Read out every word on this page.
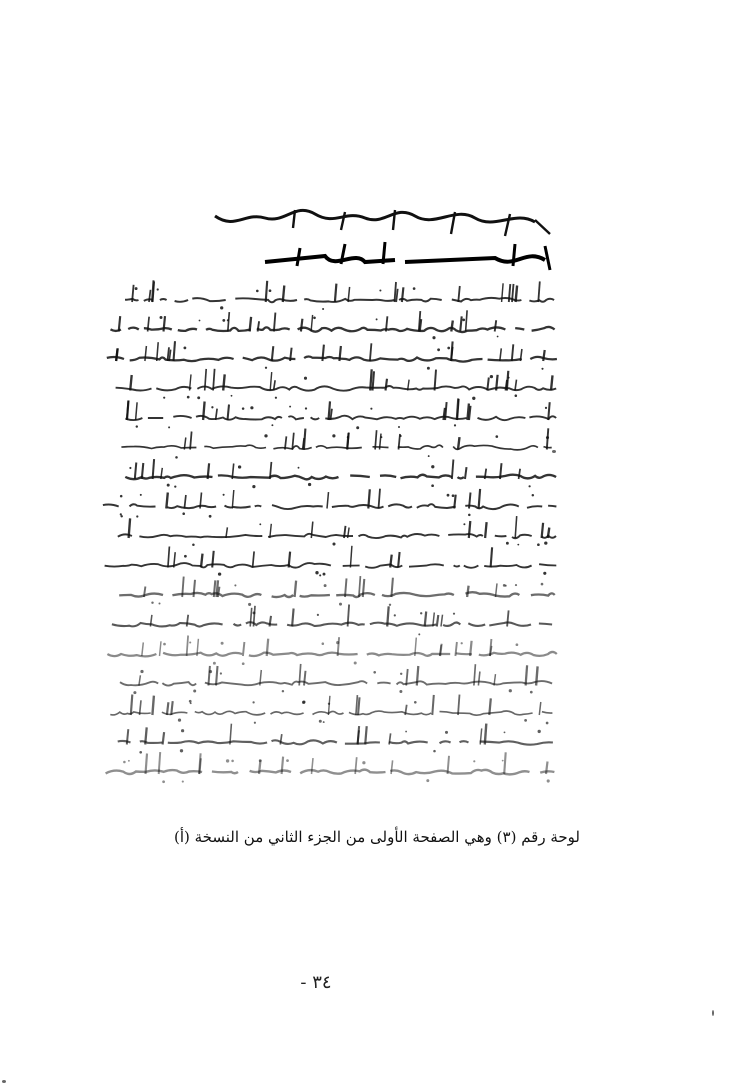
لوحة رقم (٣) وهي الصفحة الأولى من الجزء الثاني من النسخة (أ)
- ٣٤
